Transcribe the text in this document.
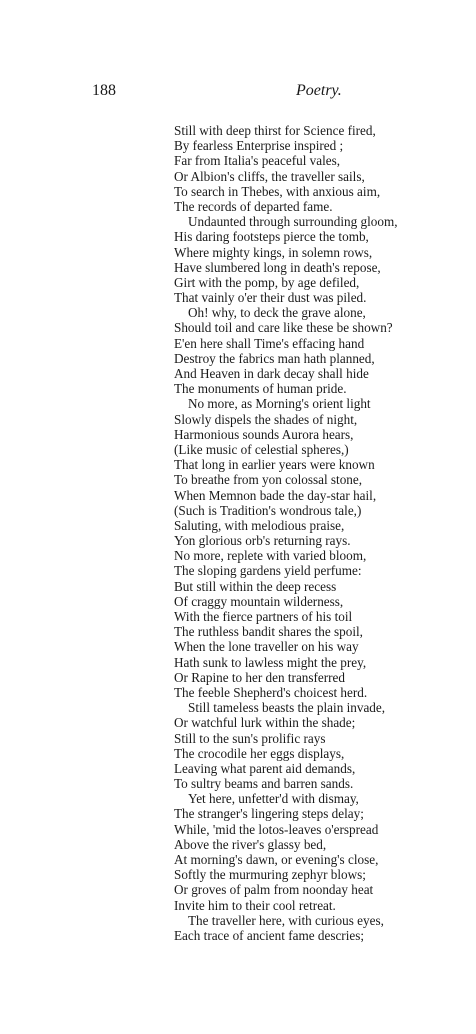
188	Poetry.
Still with deep thirst for Science fired,
By fearless Enterprise inspired ;
Far from Italia's peaceful vales,
Or Albion's cliffs, the traveller sails,
To search in Thebes, with anxious aim,
The records of departed fame.
Undaunted through surrounding gloom,
His daring footsteps pierce the tomb,
Where mighty kings, in solemn rows,
Have slumbered long in death's repose,
Girt with the pomp, by age defiled,
That vainly o'er their dust was piled.
Oh! why, to deck the grave alone,
Should toil and care like these be shown?
E'en here shall Time's effacing hand
Destroy the fabrics man hath planned,
And Heaven in dark decay shall hide
The monuments of human pride.
No more, as Morning's orient light
Slowly dispels the shades of night,
Harmonious sounds Aurora hears,
(Like music of celestial spheres,)
That long in earlier years were known
To breathe from yon colossal stone,
When Memnon bade the day-star hail,
(Such is Tradition's wondrous tale,)
Saluting, with melodious praise,
Yon glorious orb's returning rays.
No more, replete with varied bloom,
The sloping gardens yield perfume:
But still within the deep recess
Of craggy mountain wilderness,
With the fierce partners of his toil
The ruthless bandit shares the spoil,
When the lone traveller on his way
Hath sunk to lawless might the prey,
Or Rapine to her den transferred
The feeble Shepherd's choicest herd.
Still tameless beasts the plain invade,
Or watchful lurk within the shade;
Still to the sun's prolific rays
The crocodile her eggs displays,
Leaving what parent aid demands,
To sultry beams and barren sands.
Yet here, unfetter'd with dismay,
The stranger's lingering steps delay;
While, 'mid the lotos-leaves o'erspread
Above the river's glassy bed,
At morning's dawn, or evening's close,
Softly the murmuring zephyr blows;
Or groves of palm from noonday heat
Invite him to their cool retreat.
The traveller here, with curious eyes,
Each trace of ancient fame descries;
